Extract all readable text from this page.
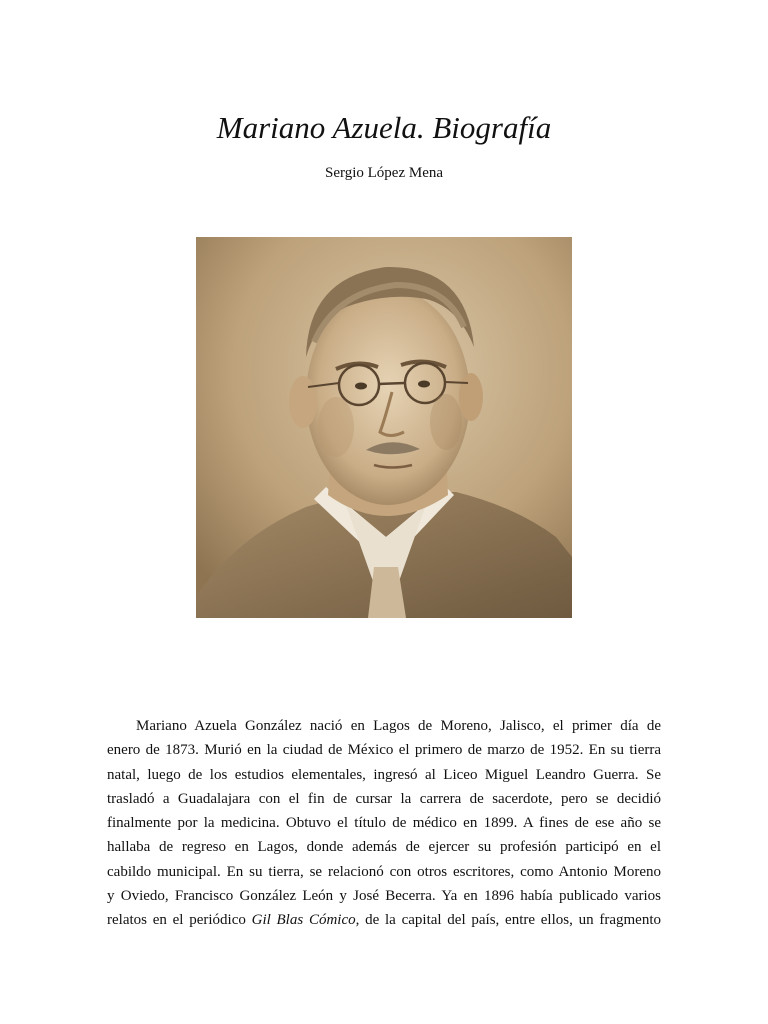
Mariano Azuela. Biografía
Sergio López Mena
Mariano Azuela González nació en Lagos de Moreno, Jalisco, el primer día de
enero de 1873. Murió en la ciudad de México el primero de marzo de 1952. En su tierra
natal, luego de los estudios elementales, ingresó al Liceo Miguel Leandro Guerra. Se
trasladó a Guadalajara con el fin de cursar la carrera de sacerdote, pero se decidió
finalmente por la medicina. Obtuvo el título de médico en 1899. A fines de ese año se
hallaba de regreso en Lagos, donde además de ejercer su profesión participó en el
cabildo municipal. En su tierra, se relacionó con otros escritores, como Antonio Moreno
y Oviedo, Francisco González León y José Becerra. Ya en 1896 había publicado varios
relatos en el periódico Gil Blas Cómico, de la capital del país, entre ellos, un fragmento
